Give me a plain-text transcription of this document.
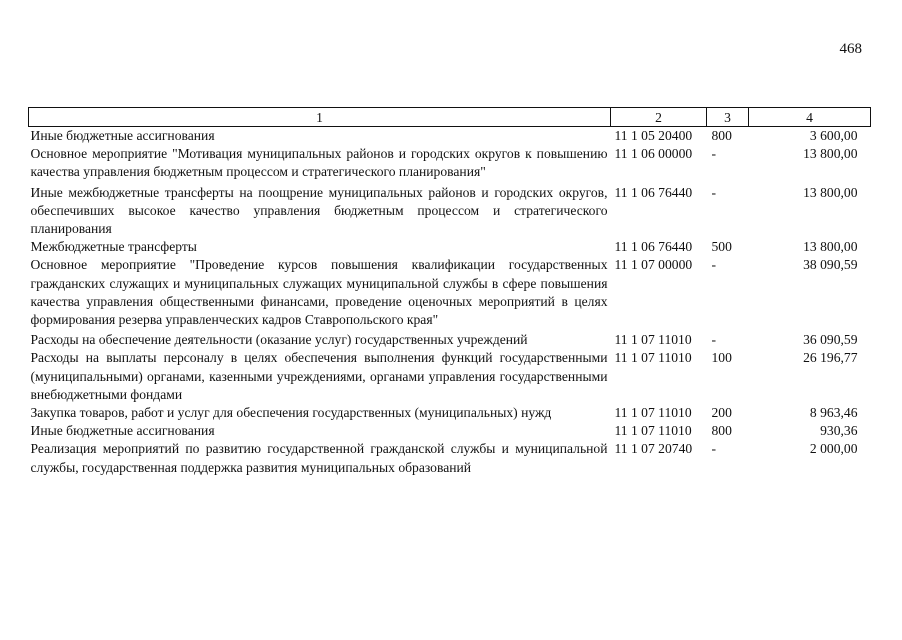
468
1	2	3	4
Иные бюджетные ассигнования	11 1 05 20400	800	3 600,00
Основное мероприятие "Мотивация муниципальных районов и городских округов к повышению качества управления бюджетным процессом и стратегического планирования"	11 1 06 00000	-	13 800,00
Иные межбюджетные трансферты на поощрение муниципальных районов и городских округов, обеспечивших высокое качество управления бюджетным процессом и стратегического планирования	11 1 06 76440	-	13 800,00
Межбюджетные трансферты	11 1 06 76440	500	13 800,00
Основное мероприятие "Проведение курсов повышения квалификации государственных гражданских служащих и муниципальных служащих муниципальной службы в сфере повышения качества управления общественными финансами, проведение оценочных мероприятий в целях формирования резерва управленческих кадров Ставропольского края"	11 1 07 00000	-	38 090,59
Расходы на обеспечение деятельности (оказание услуг) государственных учреждений	11 1 07 11010	-	36 090,59
Расходы на выплаты персоналу в целях обеспечения выполнения функций государственными (муниципальными) органами, казенными учреждениями, органами управления государственными внебюджетными фондами	11 1 07 11010	100	26 196,77
Закупка товаров, работ и услуг для обеспечения государственных (муниципальных) нужд	11 1 07 11010	200	8 963,46
Иные бюджетные ассигнования	11 1 07 11010	800	930,36
Реализация мероприятий по развитию государственной гражданской службы и муниципальной службы, государственная поддержка развития муниципальных образований	11 1 07 20740	-	2 000,00
